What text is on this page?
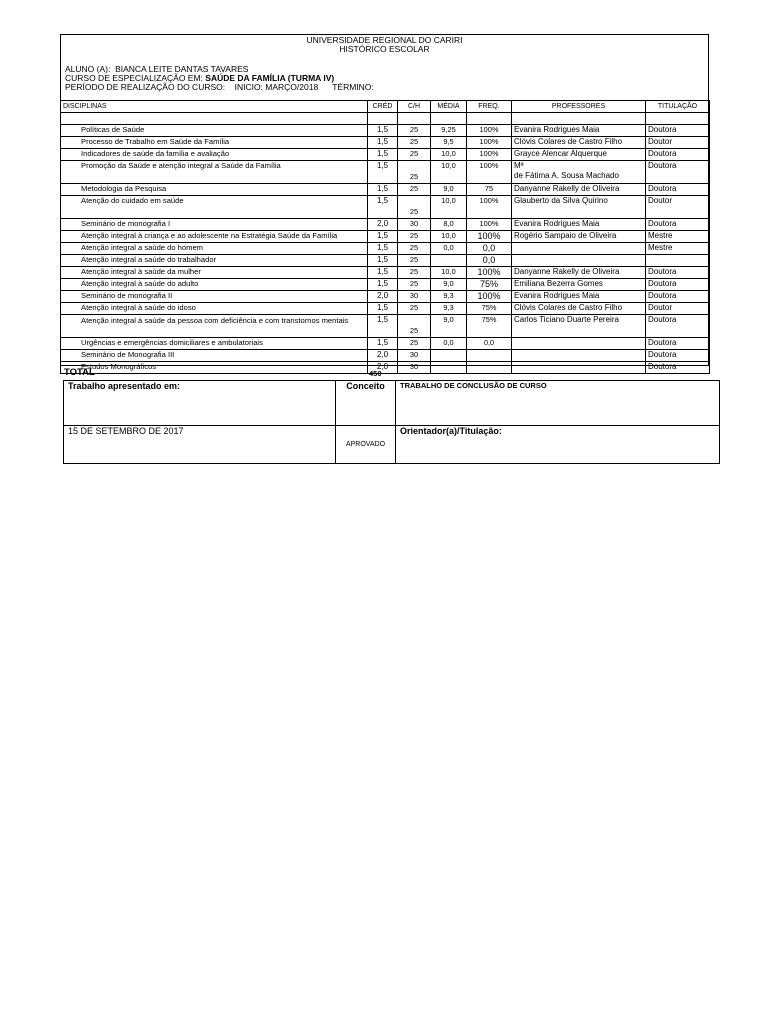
UNIVERSIDADE REGIONAL DO CARIRI
HISTÓRICO ESCOLAR
ALUNO (A): BIANCA LEITE DANTAS TAVARES
CURSO DE ESPECIALIZAÇÃO EM: SAÚDE DA FAMÍLIA (TURMA IV)
PERÍODO DE REALIZAÇÃO DO CURSO: INICIO: MARÇO/2018 TÉRMINO:
DISCIPLINAS	CRÉD	C/H	MÉDIA	FREQ.	PROFESSORES	TITULAÇÃO

Políticas de Saúde	1,5	25	9,25	100%	Evanira Rodrigues Maia	Doutora
Processo de Trabalho em Saúde da Família	1,5	25	9,5	100%	Clóvis Colares de Castro Filho	Doutor
Indicadores de saúde da família e avaliação	1,5	25	10,0	100%	Grayce Alencar Alquerque	Doutora
Promoção da Saúde e atenção integral a Saúde da Família	1,5	25	10,0	100%	Mª
de Fátima A. Sousa Machado	Doutora
Metodologia da Pesquisa	1,5	25	9,0	75	Danyanne Rakelly de Oliveira	Doutora
Atenção do cuidado em saúde	1,5	25	10,0	100%	Glauberto da Silva Quirino	Doutor
Seminário de monografia I	2,0	30	8,0	100%	Evanira Rodrigues Maia	Doutora
Atenção integral à criança e ao adolescente na Estratégia Saúde da Família	1,5	25	10,0	100%	Rogério Sampaio de Oliveira	Mestre
Atenção integral a saúde do homem	1,5	25	0,0	0,0		Mestre
Atenção integral a saúde do trabalhador	1,5	25		0,0		
Atenção integral à saúde da mulher	1,5	25	10,0	100%	Danyanne Rakelly de Oliveira	Doutora
Atenção integral à saúde do adulto	1,5	25	9,0	75%	Emiliana Bezerra Gomes	Doutora
Seminário de monografia II	2,0	30	9,3	100%	Evanira Rodrigues Maia	Doutora
Atenção integral à saúde do idoso	1,5	25	9,3	75%	Clóvis Colares de Castro Filho	Doutor
Atenção integral à saúde da pessoa com deficiência e com transtornos mentais	1,5	25	9,0	75%	Carlos Ticiano Duarte Pereira	Doutora
Urgências e emergências domiciliares e ambulatoriais	1,5	25	0,0	0,0		Doutora
Seminário de Monografia III	2,0	30				Doutora
Estudos Monográficos	2,0	30				Doutora
TOTAL	450
Trabalho apresentado em:	Conceito	TRABALHO DE CONCLUSÃO DE CURSO
15 DE SETEMBRO DE 2017	APROVADO	Orientador(a)/Titulação:
